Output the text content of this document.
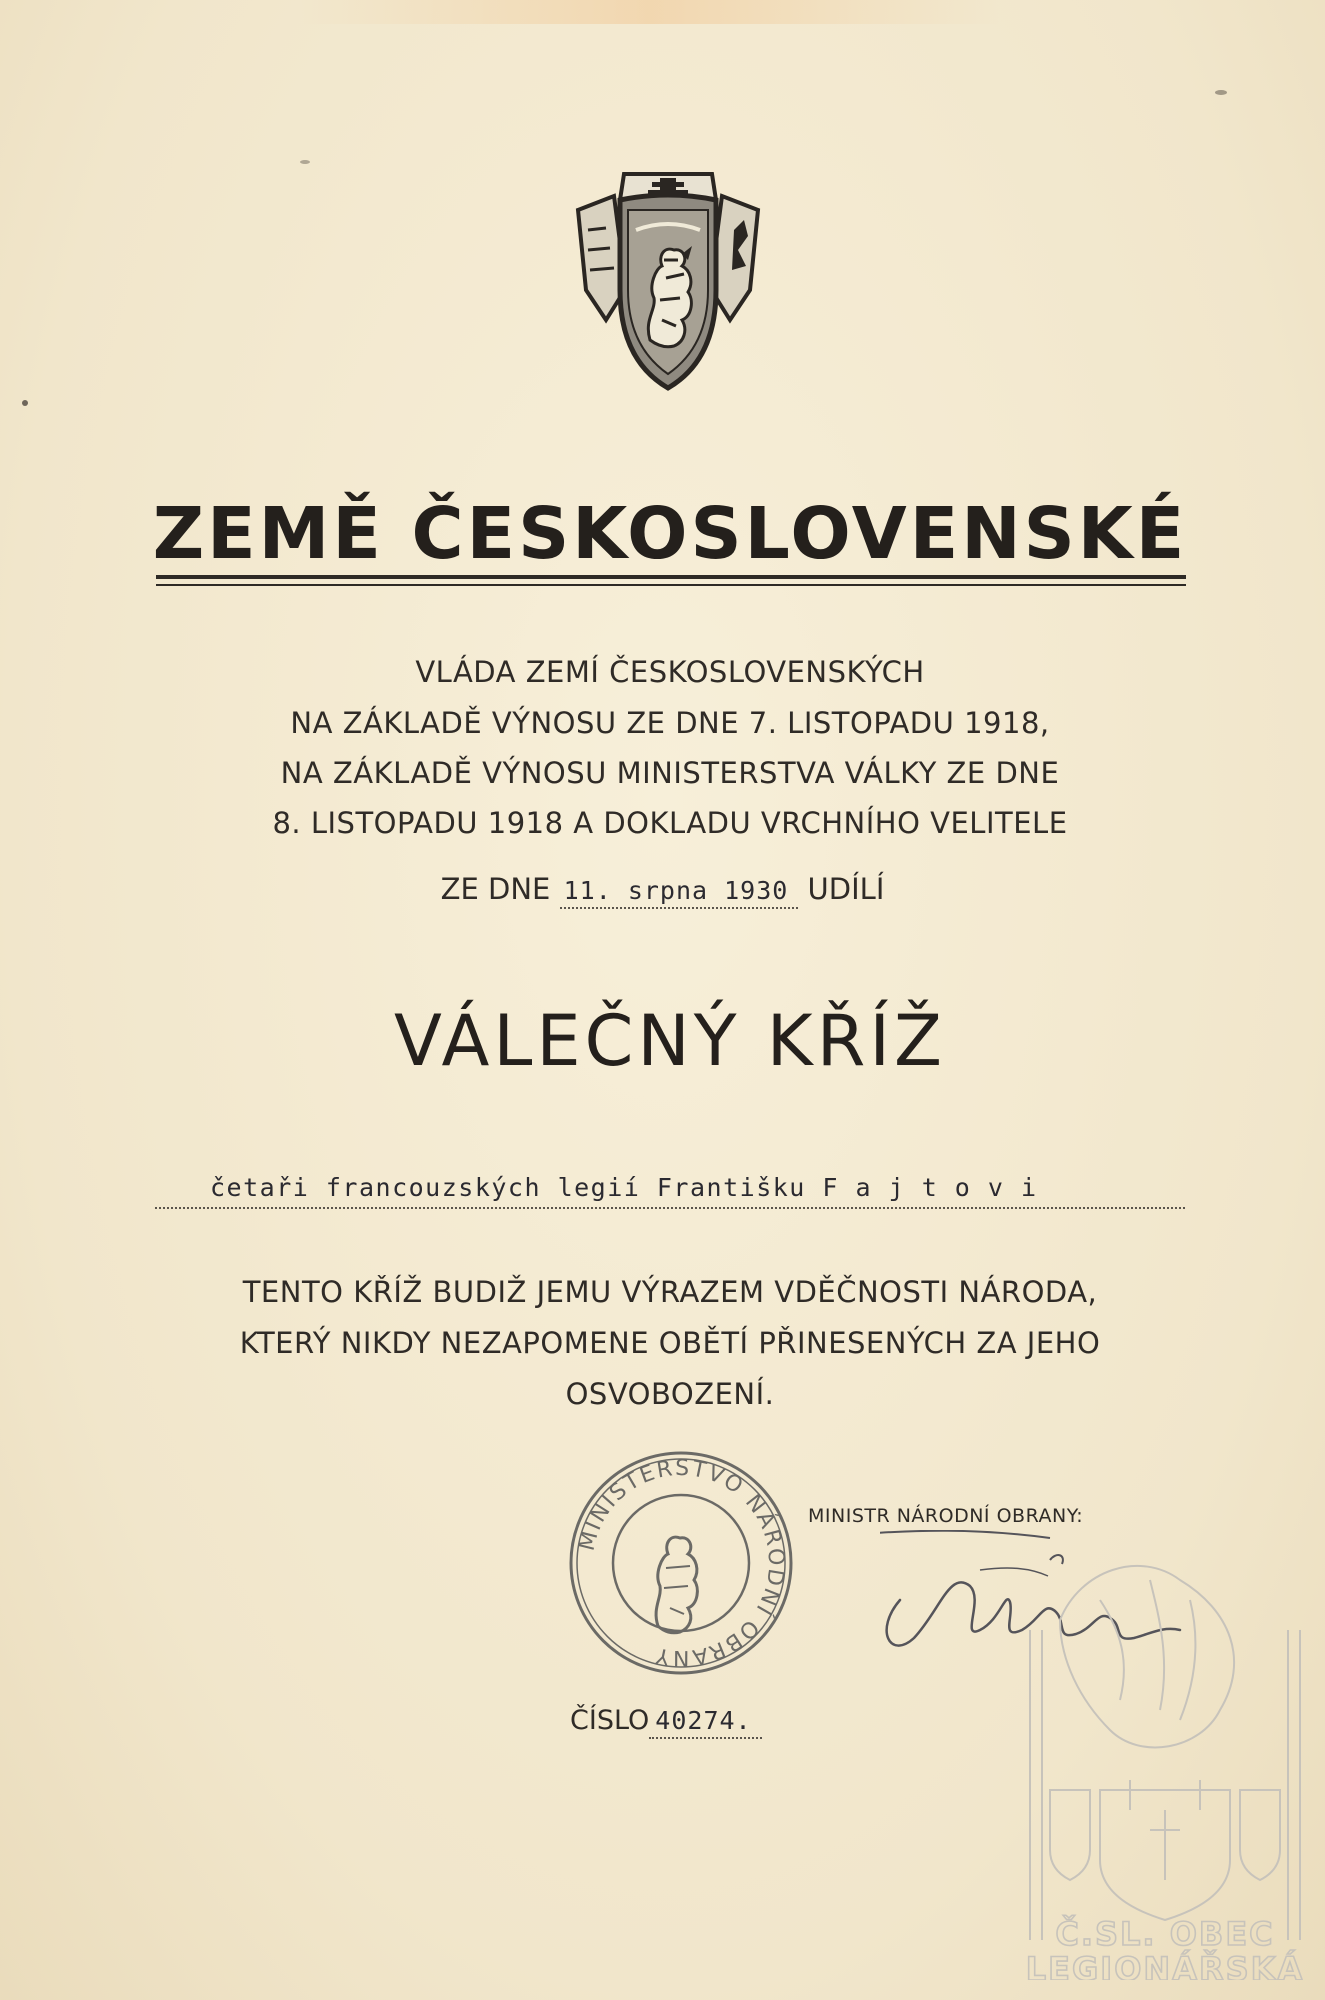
ZEMĚ ČESKOSLOVENSKÉ
VLÁDA ZEMÍ ČESKOSLOVENSKÝCH
NA ZÁKLADĚ VÝNOSU ZE DNE 7. LISTOPADU 1918,
NA ZÁKLADĚ VÝNOSU MINISTERSTVA VÁLKY ZE DNE
8. LISTOPADU 1918 A DOKLADU VRCHNÍHO VELITELE
ZE DNE 11. srpna 1930 UDÍLÍ
VÁLEČNÝ KŘÍŽ
četaři francouzských legií Františku F a j t o v i
TENTO KŘÍŽ BUDIŽ JEMU VÝRAZEM VDĚČNOSTI NÁRODA,
KTERÝ NIKDY NEZAPOMENE OBĚTÍ PŘINESENÝCH ZA JEHO
OSVOBOZENÍ.
MINISTERSTVO NÁRODNÍ OBRANY
MINISTR NÁRODNÍ OBRANY:
ČÍSLO 40274.
Č.SL. OBEC
LEGIONÁŘSKÁ
